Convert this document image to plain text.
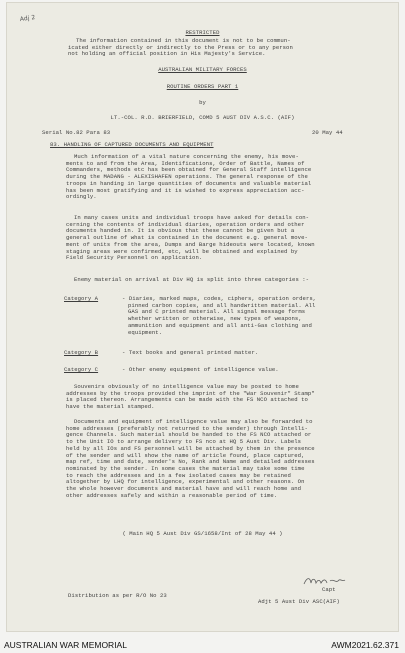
Adj 2
RESTRICTED
The information contained in this document is not to be commun-
icated either directly or indirectly to the Press or to any person
not holding an official position in His Majesty's Service.
AUSTRALIAN MILITARY FORCES
ROUTINE ORDERS PART 1
by
LT.-COL. R.D. BRIERFIELD, COMD 5 AUST DIV A.S.C. (AIF)
Serial No.82 Para 83	20 May 44
83. HANDLING OF CAPTURED DOCUMENTS AND EQUIPMENT
Much information of a vital nature concerning the enemy, his move-
ments to and from the Area, Identifications, Order of Battle, Names of
Commanders, methods etc has been obtained for General Staff intelligence
during the MADANG - ALEXISHAFEN operations. The general response of the
troops in handing in large quantities of documents and valuable material
has been most gratifying and it is wished to express appreciation acc-
ordingly.
In many cases units and individual troops have asked for details con-
cerning the contents of individual diaries, operation orders and other
documents handed in. It is obvious that these cannot be given but a
general outline of what is contained in the document e.g. general move-
ment of units from the area, Dumps and Barge hideouts were located, known
staging areas were confirmed, etc, will be obtained and explained by
Field Security Personnel on application.
Enemy material on arrival at Div HQ is split into three categories :-
Category A	- Diaries, marked maps, codes, ciphers, operation orders,
pinned carbon copies, and all handwritten material. All
GAS and C printed material. All signal message forms
whether written or otherwise, new types of weapons,
ammunition and equipment and all anti-Gas clothing and
equipment.
Category B	- Text books and general printed matter.
Category C	- Other enemy equipment of intelligence value.
Souvenirs obviously of no intelligence value may be posted to home
addresses by the troops provided the imprint of the "War Souvenir" Stamp"
is placed thereon. Arrangements can be made with the FS NCO attached to
have the material stamped.
Documents and equipment of intelligence value may also be forwarded to
home addresses (preferably not returned to the sender) through Intelli-
gence Channels. Such material should be handed to the FS NCO attached or
to the Unit IO to arrange delivery to FS nco at HQ 5 Aust Div. Labels
held by all IOs and FS personnel will be attached by them in the presence
of the sender and will show the name of article found, place captured,
map ref, time and date, sender's No, Rank and Name and detailed addresses
nominated by the sender. In some cases the material may take some time
to reach the addresses and in a few isolated cases may be retained
altogether by LHQ for intelligence, experimental and other reasons. On
the whole however documents and material have and will reach home and
other addresses safely and within a reasonable period of time.
( Main HQ 5 Aust Div GS/1658/Int of 28 May 44 )
Capt
Distribution as per R/O No 23
Adjt 5 Aust Div ASC(AIF)
AUSTRALIAN WAR MEMORIAL	AWM2021.62.371
